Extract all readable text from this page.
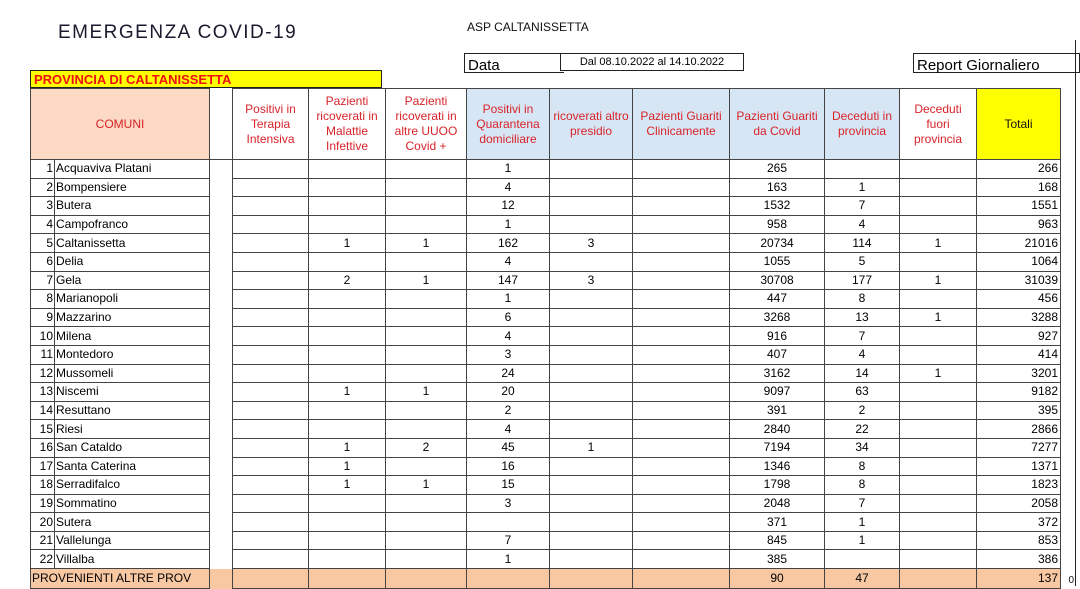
EMERGENZA COVID-19	ASP CALTANISSETTA
Data	Dal 08.10.2022 al 14.10.2022	Report Giornaliero
PROVINCIA DI CALTANISSETTA
COMUNI			Positivi in Terapia Intensiva	Pazienti ricoverati in Malattie Infettive	Pazienti ricoverati in altre UUOO Covid +	Positivi in Quarantena domiciliare	ricoverati altro presidio	Pazienti Guariti Clinicamente	Pazienti Guariti da Covid	Deceduti in provincia	Deceduti fuori provincia	Totali
1	Acquaviva Platani					1			265			266
2	Bompensiere					4			163	1		168
3	Butera					12			1532	7		1551
4	Campofranco					1			958	4		963
5	Caltanissetta			1	1	162	3		20734	114	1	21016
6	Delia					4			1055	5		1064
7	Gela			2	1	147	3		30708	177	1	31039
8	Marianopoli					1			447	8		456
9	Mazzarino					6			3268	13	1	3288
10	Milena					4			916	7		927
11	Montedoro					3			407	4		414
12	Mussomeli					24			3162	14	1	3201
13	Niscemi			1	1	20			9097	63		9182
14	Resuttano					2			391	2		395
15	Riesi					4			2840	22		2866
16	San Cataldo			1	2	45	1		7194	34		7277
17	Santa Caterina			1		16			1346	8		1371
18	Serradifalco			1	1	15			1798	8		1823
19	Sommatino					3			2048	7		2058
20	Sutera								371	1		372
21	Vallelunga					7			845	1		853
22	Villalba					1			385			386
PROVENIENTI ALTRE PROV									90	47		137 0
